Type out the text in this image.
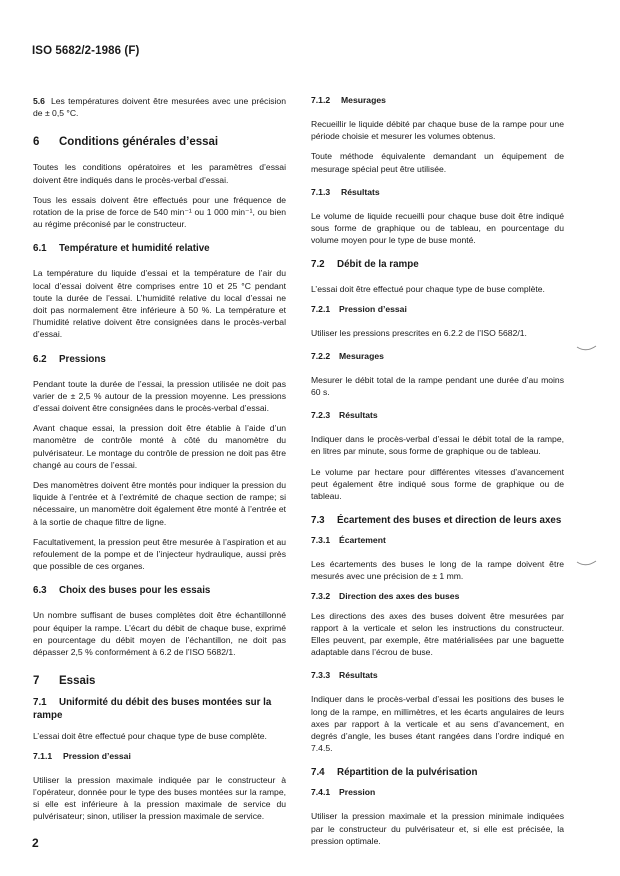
ISO 5682/2-1986 (F)

5.6 Les températures doivent être mesurées avec une précision de ± 0,5 °C.

6 Conditions générales d’essai

Toutes les conditions opératoires et les paramètres d’essai doivent être indiqués dans le procès-verbal d’essai.

Tous les essais doivent être effectués pour une fréquence de rotation de la prise de force de 540 min⁻¹ ou 1 000 min⁻¹, ou bien au régime préconisé par le constructeur.

6.1 Température et humidité relative

La température du liquide d’essai et la température de l’air du local d’essai doivent être comprises entre 10 et 25 °C pendant toute la durée de l’essai. L’humidité relative du local d’essai ne doit pas normalement être inférieure à 50 %. La température et l’humidité relative doivent être consignées dans le procès-verbal d’essai.

6.2 Pressions

Pendant toute la durée de l’essai, la pression utilisée ne doit pas varier de ± 2,5 % autour de la pression moyenne. Les pressions d’essai doivent être consignées dans le procès-verbal d’essai.

Avant chaque essai, la pression doit être établie à l’aide d’un manomètre de contrôle monté à côté du manomètre du pulvérisateur. Le montage du contrôle de pression ne doit pas être changé au cours de l’essai.

Des manomètres doivent être montés pour indiquer la pression du liquide à l’entrée et à l’extrémité de chaque section de rampe; si nécessaire, un manomètre doit également être monté à l’entrée et à la sortie de chaque filtre de ligne.

Facultativement, la pression peut être mesurée à l’aspiration et au refoulement de la pompe et de l’injecteur hydraulique, aussi près que possible de ces organes.

6.3 Choix des buses pour les essais

Un nombre suffisant de buses complètes doit être échantillonné pour équiper la rampe. L’écart du débit de chaque buse, exprimé en pourcentage du débit moyen de l’échantillon, ne doit pas dépasser 2,5 % conformément à 6.2 de l’ISO 5682/1.

7 Essais
7.1 Uniformité du débit des buses montées sur la rampe

L’essai doit être effectué pour chaque type de buse complète.

7.1.1 Pression d’essai

Utiliser la pression maximale indiquée par le constructeur à l’opérateur, donnée pour le type des buses montées sur la rampe, si elle est inférieure à la pression maximale de service du pulvérisateur; sinon, utiliser la pression maximale de service.

7.1.2 Mesurages

Recueillir le liquide débité par chaque buse de la rampe pour une période choisie et mesurer les volumes obtenus.

Toute méthode équivalente demandant un équipement de mesurage spécial peut être utilisée.

7.1.3 Résultats

Le volume de liquide recueilli pour chaque buse doit être indiqué sous forme de graphique ou de tableau, en pourcentage du volume moyen pour le type de buse monté.

7.2 Débit de la rampe

L’essai doit être effectué pour chaque type de buse complète.

7.2.1 Pression d’essai

Utiliser les pressions prescrites en 6.2.2 de l’ISO 5682/1.

7.2.2 Mesurages

Mesurer le débit total de la rampe pendant une durée d’au moins 60 s.

7.2.3 Résultats

Indiquer dans le procès-verbal d’essai le débit total de la rampe, en litres par minute, sous forme de graphique ou de tableau.

Le volume par hectare pour différentes vitesses d’avancement peut également être indiqué sous forme de graphique ou de tableau.

7.3	Écartement des buses et direction de leurs axes
7.3.1 Écartement

Les écartements des buses le long de la rampe doivent être mesurés avec une précision de ± 1 mm.

7.3.2 Direction des axes des buses

Les directions des axes des buses doivent être mesurées par rapport à la verticale et selon les instructions du constructeur. Elles peuvent, par exemple, être matérialisées par une baguette adaptable dans l’écrou de buse.

7.3.3 Résultats

Indiquer dans le procès-verbal d’essai les positions des buses le long de la rampe, en millimètres, et les écarts angulaires de leurs axes par rapport à la verticale et au sens d’avancement, en degrés d’angle, les buses étant rangées dans l’ordre indiqué en 7.4.5.

7.4 Répartition de la pulvérisation
7.4.1 Pression

Utiliser la pression maximale et la pression minimale indiquées par le constructeur du pulvérisateur et, si elle est précisée, la pression optimale.

2
